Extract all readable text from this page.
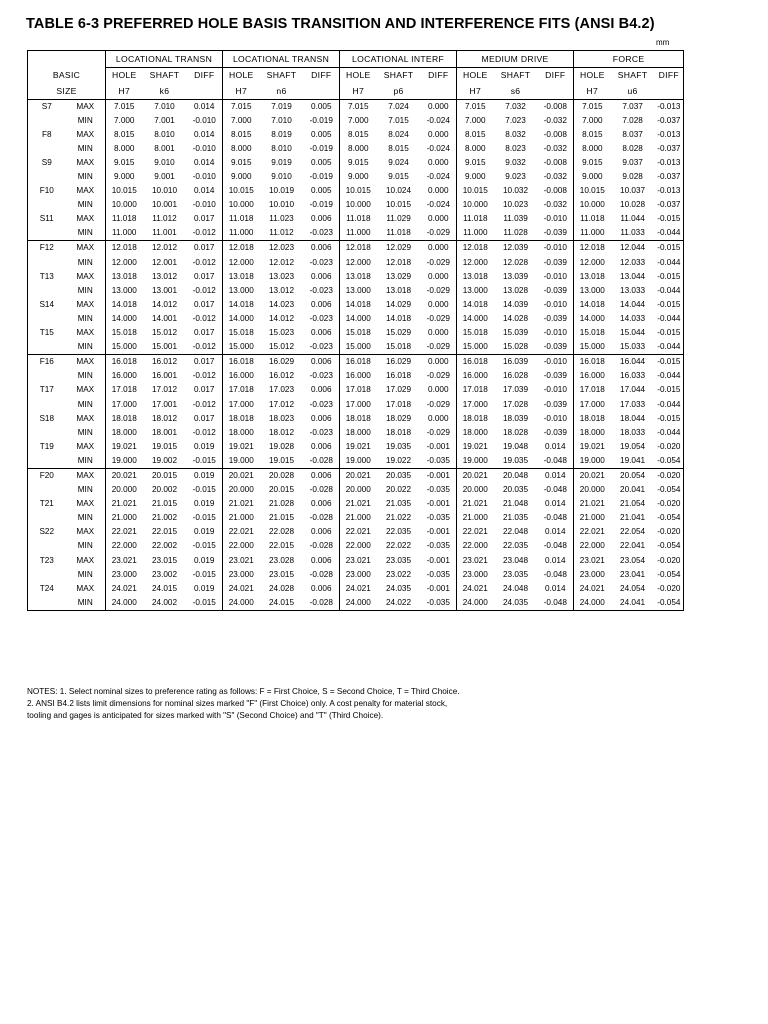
TABLE 6-3 PREFERRED HOLE BASIS TRANSITION AND INTERFERENCE FITS (ANSI B4.2)
mm
		LOCATIONAL TRANSN			LOCATIONAL TRANSN			LOCATIONAL INTERF			MEDIUM DRIVE			FORCE		
BASIC		HOLE	SHAFT	DIFF	HOLE	SHAFT	DIFF	HOLE	SHAFT	DIFF	HOLE	SHAFT	DIFF	HOLE	SHAFT	DIFF
SIZE		H7	k6		H7	n6		H7	p6		H7	s6		H7	u6	
S7	MAX	7.015	7.010	0.014	7.015	7.019	0.005	7.015	7.024	0.000	7.015	7.032	-0.008	7.015	7.037	-0.013
	MIN	7.000	7.001	-0.010	7.000	7.010	-0.019	7.000	7.015	-0.024	7.000	7.023	-0.032	7.000	7.028	-0.037
F8	MAX	8.015	8.010	0.014	8.015	8.019	0.005	8.015	8.024	0.000	8.015	8.032	-0.008	8.015	8.037	-0.013
	MIN	8.000	8.001	-0.010	8.000	8.010	-0.019	8.000	8.015	-0.024	8.000	8.023	-0.032	8.000	8.028	-0.037
S9	MAX	9.015	9.010	0.014	9.015	9.019	0.005	9.015	9.024	0.000	9.015	9.032	-0.008	9.015	9.037	-0.013
	MIN	9.000	9.001	-0.010	9.000	9.010	-0.019	9.000	9.015	-0.024	9.000	9.023	-0.032	9.000	9.028	-0.037
F10	MAX	10.015	10.010	0.014	10.015	10.019	0.005	10.015	10.024	0.000	10.015	10.032	-0.008	10.015	10.037	-0.013
	MIN	10.000	10.001	-0.010	10.000	10.010	-0.019	10.000	10.015	-0.024	10.000	10.023	-0.032	10.000	10.028	-0.037
S11	MAX	11.018	11.012	0.017	11.018	11.023	0.006	11.018	11.029	0.000	11.018	11.039	-0.010	11.018	11.044	-0.015
	MIN	11.000	11.001	-0.012	11.000	11.012	-0.023	11.000	11.018	-0.029	11.000	11.028	-0.039	11.000	11.033	-0.044
F12	MAX	12.018	12.012	0.017	12.018	12.023	0.006	12.018	12.029	0.000	12.018	12.039	-0.010	12.018	12.044	-0.015
	MIN	12.000	12.001	-0.012	12.000	12.012	-0.023	12.000	12.018	-0.029	12.000	12.028	-0.039	12.000	12.033	-0.044
T13	MAX	13.018	13.012	0.017	13.018	13.023	0.006	13.018	13.029	0.000	13.018	13.039	-0.010	13.018	13.044	-0.015
	MIN	13.000	13.001	-0.012	13.000	13.012	-0.023	13.000	13.018	-0.029	13.000	13.028	-0.039	13.000	13.033	-0.044
S14	MAX	14.018	14.012	0.017	14.018	14.023	0.006	14.018	14.029	0.000	14.018	14.039	-0.010	14.018	14.044	-0.015
	MIN	14.000	14.001	-0.012	14.000	14.012	-0.023	14.000	14.018	-0.029	14.000	14.028	-0.039	14.000	14.033	-0.044
T15	MAX	15.018	15.012	0.017	15.018	15.023	0.006	15.018	15.029	0.000	15.018	15.039	-0.010	15.018	15.044	-0.015
	MIN	15.000	15.001	-0.012	15.000	15.012	-0.023	15.000	15.018	-0.029	15.000	15.028	-0.039	15.000	15.033	-0.044
F16	MAX	16.018	16.012	0.017	16.018	16.029	0.006	16.018	16.029	0.000	16.018	16.039	-0.010	16.018	16.044	-0.015
	MIN	16.000	16.001	-0.012	16.000	16.012	-0.023	16.000	16.018	-0.029	16.000	16.028	-0.039	16.000	16.033	-0.044
T17	MAX	17.018	17.012	0.017	17.018	17.023	0.006	17.018	17.029	0.000	17.018	17.039	-0.010	17.018	17.044	-0.015
	MIN	17.000	17.001	-0.012	17.000	17.012	-0.023	17.000	17.018	-0.029	17.000	17.028	-0.039	17.000	17.033	-0.044
S18	MAX	18.018	18.012	0.017	18.018	18.023	0.006	18.018	18.029	0.000	18.018	18.039	-0.010	18.018	18.044	-0.015
	MIN	18.000	18.001	-0.012	18.000	18.012	-0.023	18.000	18.018	-0.029	18.000	18.028	-0.039	18.000	18.033	-0.044
T19	MAX	19.021	19.015	0.019	19.021	19.028	0.006	19.021	19.035	-0.001	19.021	19.048	0.014	19.021	19.054	-0.020
	MIN	19.000	19.002	-0.015	19.000	19.015	-0.028	19.000	19.022	-0.035	19.000	19.035	-0.048	19.000	19.041	-0.054
F20	MAX	20.021	20.015	0.019	20.021	20.028	0.006	20.021	20.035	-0.001	20.021	20.048	0.014	20.021	20.054	-0.020
	MIN	20.000	20.002	-0.015	20.000	20.015	-0.028	20.000	20.022	-0.035	20.000	20.035	-0.048	20.000	20.041	-0.054
T21	MAX	21.021	21.015	0.019	21.021	21.028	0.006	21.021	21.035	-0.001	21.021	21.048	0.014	21.021	21.054	-0.020
	MIN	21.000	21.002	-0.015	21.000	21.015	-0.028	21.000	21.022	-0.035	21.000	21.035	-0.048	21.000	21.041	-0.054
S22	MAX	22.021	22.015	0.019	22.021	22.028	0.006	22.021	22.035	-0.001	22.021	22.048	0.014	22.021	22.054	-0.020
	MIN	22.000	22.002	-0.015	22.000	22.015	-0.028	22.000	22.022	-0.035	22.000	22.035	-0.048	22.000	22.041	-0.054
T23	MAX	23.021	23.015	0.019	23.021	23.028	0.006	23.021	23.035	-0.001	23.021	23.048	0.014	23.021	23.054	-0.020
	MIN	23.000	23.002	-0.015	23.000	23.015	-0.028	23.000	23.022	-0.035	23.000	23.035	-0.048	23.000	23.041	-0.054
T24	MAX	24.021	24.015	0.019	24.021	24.028	0.006	24.021	24.035	-0.001	24.021	24.048	0.014	24.021	24.054	-0.020
	MIN	24.000	24.002	-0.015	24.000	24.015	-0.028	24.000	24.022	-0.035	24.000	24.035	-0.048	24.000	24.041	-0.054
NOTES: 1. Select nominal sizes to preference rating as follows: F = First Choice, S = Second Choice, T = Third Choice.
2. ANSI B4.2 lists limit dimensions for nominal sizes marked "F" (First Choice) only. A cost penalty for material stock,
tooling and gages is anticipated for sizes marked with "S" (Second Choice) and "T" (Third Choice).
